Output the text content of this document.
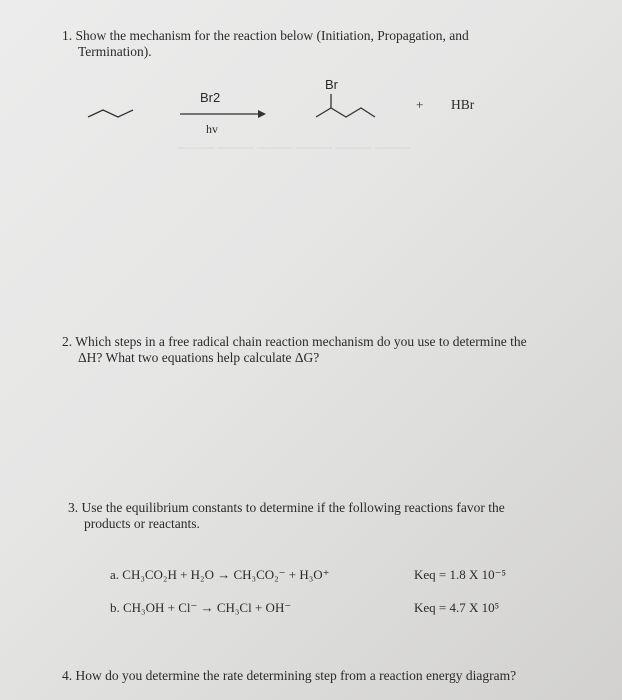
——— ——— ——— ——— ——— ———
1. Show the mechanism for the reaction below (Initiation, Propagation, and
Termination).
Br2
hv
Br
+ HBr
2. Which steps in a free radical chain reaction mechanism do you use to determine the
ΔH? What two equations help calculate ΔG?
3. Use the equilibrium constants to determine if the following reactions favor the
products or reactants.
a. CH₃CO₂H + H₂O → CH₃CO₂⁻ + H₃O⁺	Keq = 1.8 X 10⁻⁵
b. CH₃OH + Cl⁻ → CH₃Cl + OH⁻	Keq = 4.7 X 10⁵
4. How do you determine the rate determining step from a reaction energy diagram?
